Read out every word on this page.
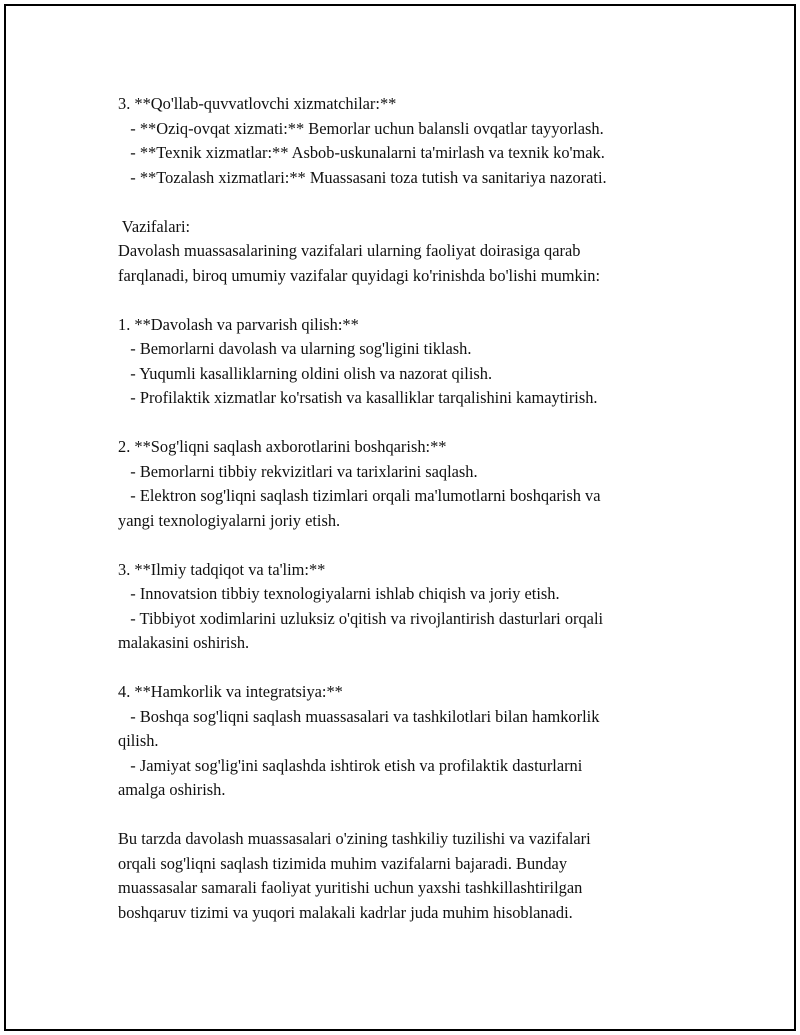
3. **Qo'llab-quvvatlovchi xizmatchilar:**
- **Oziq-ovqat xizmati:** Bemorlar uchun balansli ovqatlar tayyorlash.
- **Texnik xizmatlar:** Asbob-uskunalarni ta'mirlash va texnik ko'mak.
- **Tozalash xizmatlari:** Muassasani toza tutish va sanitariya nazorati.
Vazifalari:
Davolash muassasalarining vazifalari ularning faoliyat doirasiga qarab
farqlanadi, biroq umumiy vazifalar quyidagi ko'rinishda bo'lishi mumkin:
1. **Davolash va parvarish qilish:**
- Bemorlarni davolash va ularning sog'ligini tiklash.
- Yuqumli kasalliklarning oldini olish va nazorat qilish.
- Profilaktik xizmatlar ko'rsatish va kasalliklar tarqalishini kamaytirish.
2. **Sog'liqni saqlash axborotlarini boshqarish:**
- Bemorlarni tibbiy rekvizitlari va tarixlarini saqlash.
- Elektron sog'liqni saqlash tizimlari orqali ma'lumotlarni boshqarish va
yangi texnologiyalarni joriy etish.
3. **Ilmiy tadqiqot va ta'lim:**
- Innovatsion tibbiy texnologiyalarni ishlab chiqish va joriy etish.
- Tibbiyot xodimlarini uzluksiz o'qitish va rivojlantirish dasturlari orqali
malakasini oshirish.
4. **Hamkorlik va integratsiya:**
- Boshqa sog'liqni saqlash muassasalari va tashkilotlari bilan hamkorlik
qilish.
- Jamiyat sog'lig'ini saqlashda ishtirok etish va profilaktik dasturlarni
amalga oshirish.
Bu tarzda davolash muassasalari o'zining tashkiliy tuzilishi va vazifalari
orqali sog'liqni saqlash tizimida muhim vazifalarni bajaradi. Bunday
muassasalar samarali faoliyat yuritishi uchun yaxshi tashkillashtirilgan
boshqaruv tizimi va yuqori malakali kadrlar juda muhim hisoblanadi.
